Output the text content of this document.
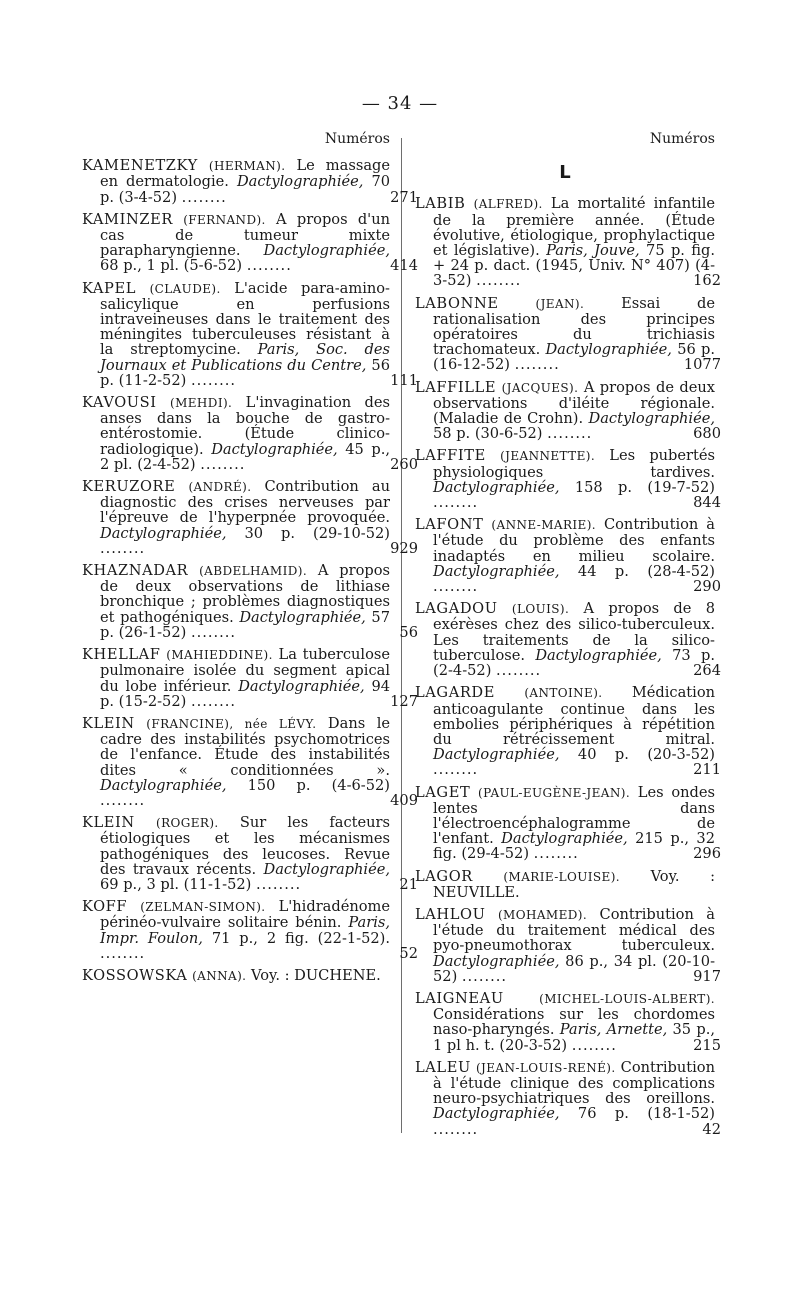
— 34 —
Numéros
KAMENETZKY (HERMAN). Le massage en dermatologie. Dactylographiée, 70 p. (3-4-52) ........	271
KAMINZER (FERNAND). A propos d'un cas de tumeur mixte parapharyngienne. Dactylographiée, 68 p., 1 pl. (5-6-52) ........	414
KAPEL (CLAUDE). L'acide para-amino-salicylique en perfusions intraveineuses dans le traitement des méningites tuberculeuses résistant à la streptomycine. Paris, Soc. des Journaux et Publications du Centre, 56 p. (11-2-52) ........	111
KAVOUSI (MEHDI). L'invagination des anses dans la bouche de gastro-entérostomie. (Étude clinico-radiologique). Dactylographiée, 45 p., 2 pl. (2-4-52) ........	260
KERUZORE (ANDRÉ). Contribution au diagnostic des crises nerveuses par l'épreuve de l'hyperpnée provoquée. Dactylographiée, 30 p. (29-10-52) ........	929
KHAZNADAR (ABDELHAMID). A propos de deux observations de lithiase bronchique ; problèmes diagnostiques et pathogéniques. Dactylographiée, 57 p. (26-1-52) ........	56
KHELLAF (MAHIEDDINE). La tuberculose pulmonaire isolée du segment apical du lobe inférieur. Dactylographiée, 94 p. (15-2-52) ........	127
KLEIN (FRANCINE), née LÉVY. Dans le cadre des instabilités psychomotrices de l'enfance. Étude des instabilités dites « conditionnées ». Dactylographiée, 150 p. (4-6-52) ........	409
KLEIN (ROGER). Sur les facteurs étiologiques et les mécanismes pathogéniques des leucoses. Revue des travaux récents. Dactylographiée, 69 p., 3 pl. (11-1-52) ........	21
KOFF (ZELMAN-SIMON). L'hidradénome périnéo-vulvaire solitaire bénin. Paris, Impr. Foulon, 71 p., 2 fig. (22-1-52). ........	52
KOSSOWSKA (ANNA). Voy. : DUCHENE.
Numéros
L
LABIB (ALFRED). La mortalité infantile de la première année. (Étude évolutive, étiologique, prophylactique et législative). Paris, Jouve, 75 p. fig. + 24 p. dact. (1945, Univ. N° 407) (4-3-52) ........	162
LABONNE	(JEAN).	Essai de rationalisation des principes opératoires du trichiasis trachomateux. Dactylographiée, 56 p. (16-12-52) ........	1077
LAFFILLE (JACQUES). A propos de deux observations d'iléite régionale. (Maladie de Crohn). Dactylographiée, 58 p. (30-6-52) ........	680
LAFFITE (JEANNETTE). Les pubertés physiologiques tardives. Dactylographiée, 158 p. (19-7-52) ........	844
LAFONT (ANNE-MARIE). Contribution à l'étude du problème des enfants inadaptés en milieu scolaire. Dactylographiée, 44 p. (28-4-52) ........	290
LAGADOU (LOUIS). A propos de 8 exérèses chez des silico-tuberculeux. Les traitements de la silico-tuberculose. Dactylographiée, 73 p. (2-4-52) ........	264
LAGARDE (ANTOINE). Médication anticoagulante continue dans les embolies périphériques à répétition du rétrécissement mitral. Dactylographiée, 40 p. (20-3-52) ........	211
LAGET (PAUL-EUGÈNE-JEAN). Les ondes lentes dans l'électroencéphalogramme de l'enfant. Dactylographiée, 215 p., 32 fig. (29-4-52) ........	296
LAGOR	(MARIE-LOUISE). Voy. : NEUVILLE.
LAHLOU (MOHAMED). Contribution à l'étude du traitement médical des pyo-pneumothorax tuberculeux. Dactylographiée, 86 p., 34 pl. (20-10-52) ........	917
LAIGNEAU	(MICHEL-LOUIS-ALBERT). Considérations sur les chordomes naso-pharyngés. Paris, Arnette, 35 p., 1 pl h. t. (20-3-52) ........	215
LALEU (JEAN-LOUIS-RENÉ). Contribution à l'étude clinique des complications neuro-psychiatriques des oreillons. Dactylographiée, 76 p. (18-1-52) ........	42
